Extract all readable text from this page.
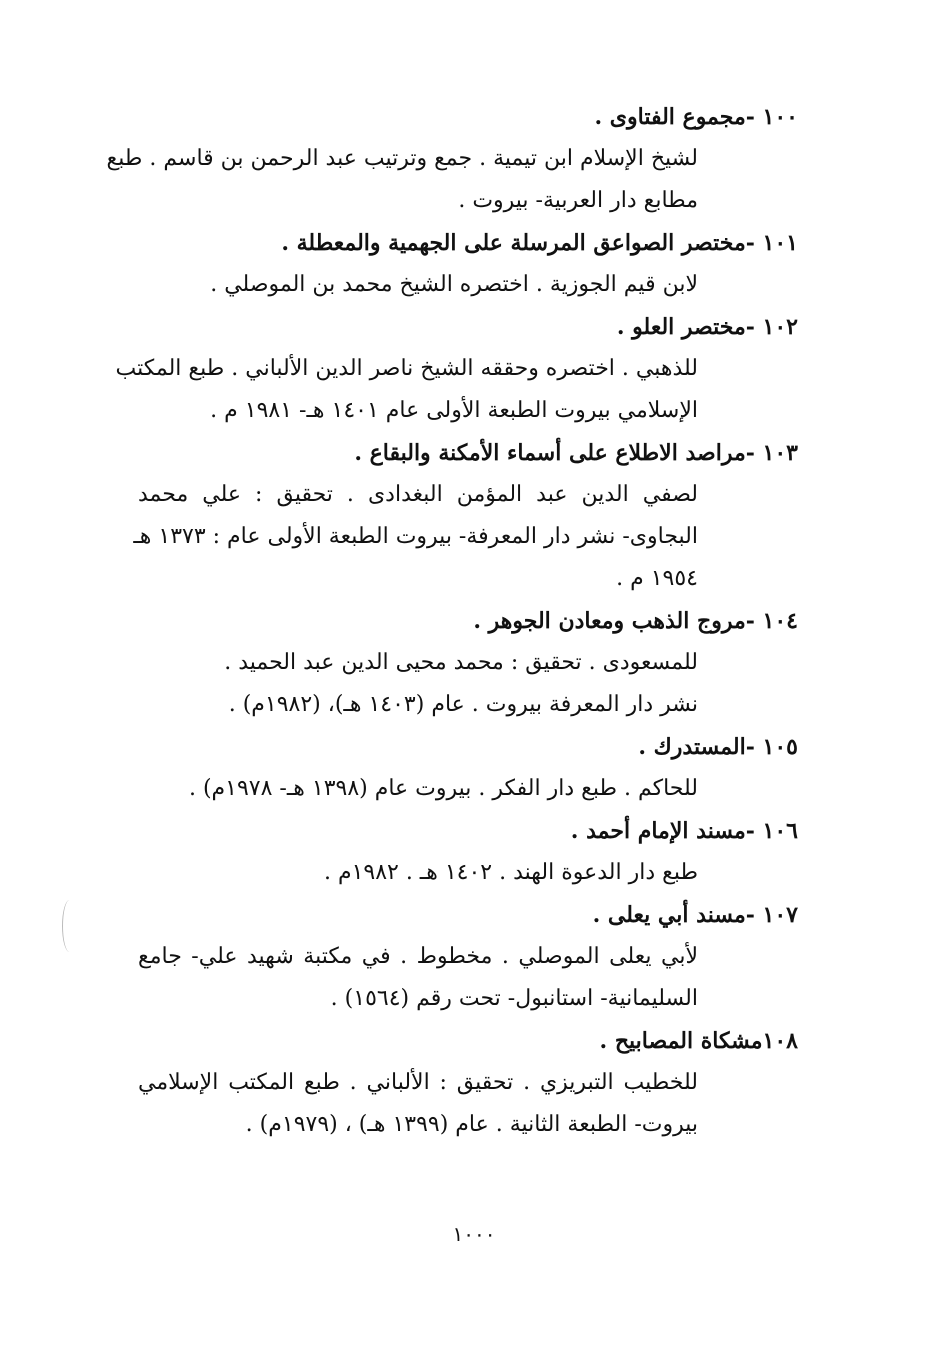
١٠٠ -مجموع الفتاوى .
لشيخ الإسلام ابن تيمية . جمع وترتيب عبد الرحمن بن قاسم . طبع
مطابع دار العربية- بيروت .
١٠١ -مختصر الصواعق المرسلة على الجهمية والمعطلة .
لابن قيم الجوزية . اختصره الشيخ محمد بن الموصلي .
١٠٢ -مختصر العلو .
للذهبي . اختصره وحققه الشيخ ناصر الدين الألباني . طبع المكتب
الإسلامي بيروت الطبعة الأولى عام ١٤٠١ هـ- ١٩٨١ م .
١٠٣ -مراصد الاطلاع على أسماء الأمكنة والبقاع .
لصفي الدين عبد المؤمن البغدادى . تحقيق : علي محمد
البجاوى- نشر دار المعرفة- بيروت الطبعة الأولى عام : ١٣٧٣ هـ
١٩٥٤ م .
١٠٤ -مروج الذهب ومعادن الجوهر .
للمسعودى . تحقيق : محمد محيى الدين عبد الحميد .
نشر دار المعرفة بيروت . عام (١٤٠٣ هـ)، (١٩٨٢م) .
١٠٥ -المستدرك .
للحاكم . طبع دار الفكر . بيروت عام (١٣٩٨ هـ- ١٩٧٨م) .
١٠٦ -مسند الإمام أحمد .
طبع دار الدعوة الهند . ١٤٠٢ هـ . ١٩٨٢م .
١٠٧ -مسند أبي يعلى .
لأبي يعلى الموصلي . مخطوط . في مكتبة شهيد علي- جامع
السليمانية- استانبول- تحت رقم (١٥٦٤) .
١٠٨مشكاة المصابيح .
للخطيب التبريزي . تحقيق : الألباني . طبع المكتب الإسلامي
بيروت- الطبعة الثانية . عام (١٣٩٩ هـ) ، (١٩٧٩م) .
١٠٠٠
